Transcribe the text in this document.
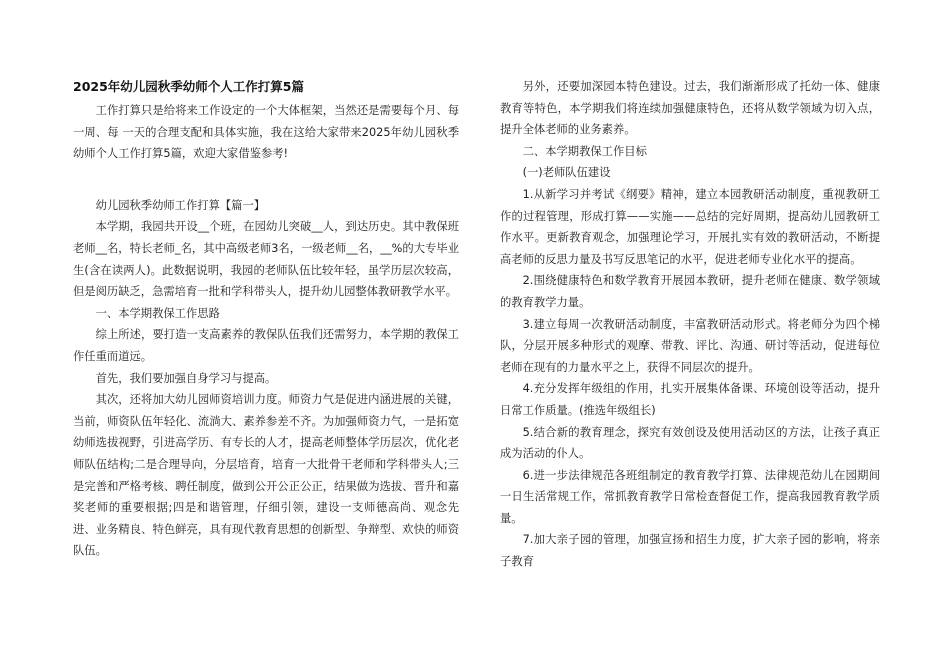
2025年幼儿园秋季幼师个人工作打算5篇

工作打算只是给将来工作设定的一个大体框架，当然还是需要每个月、每一周、每 一天的合理支配和具体实施，我在这给大家带来2025年幼儿园秋季幼师个人工作打算5篇，欢迎大家借鉴参考!

幼儿园秋季幼师工作打算【篇一】

本学期，我园共开设__个班，在园幼儿突破__人，到达历史。其中教保班老师__名，特长老师_名，其中高级老师3名，一级老师__名，__%的大专毕业生(含在读两人)。此数据说明，我园的老师队伍比较年轻，虽学历层次较高，但是阅历缺乏，急需培育一批和学科带头人，提升幼儿园整体教研教学水平。

一、本学期教保工作思路

综上所述，要打造一支高素养的教保队伍我们还需努力，本学期的教保工作任重而道远。

首先，我们要加强自身学习与提高。

其次，还将加大幼儿园师资培训力度。师资力气是促进内涵进展的关键，当前，师资队伍年轻化、流淌大、素养参差不齐。为加强师资力气，一是拓宽幼师选拔视野，引进高学历、有专长的人才，提高老师整体学历层次，优化老师队伍结构;二是合理导向，分层培育，培育一大批骨干老师和学科带头人;三是完善和严格考核、聘任制度，做到公开公正公正，结果做为选拔、晋升和嘉奖老师的重要根据;四是和谐管理，仔细引领，建设一支师德高尚、观念先进、业务精良、特色鲜亮，具有现代教育思想的创新型、争辩型、欢快的师资队伍。

另外，还要加深园本特色建设。过去，我们渐渐形成了托幼一体、健康教育等特色，本学期我们将连续加强健康特色，还将从数学领域为切入点，提升全体老师的业务素养。

二、本学期教保工作目标

(一)老师队伍建设

1.从新学习并考试《纲要》精神，建立本园教研活动制度，重视教研工作的过程管理，形成打算——实施——总结的完好周期，提高幼儿园教研工作水平。更新教育观念，加强理论学习，开展扎实有效的教研活动，不断提高老师的反思力量及书写反思笔记的水平，促进老师专业化水平的提高。

2.围绕健康特色和数学教育开展园本教研，提升老师在健康、数学领域的教育教学力量。

3.建立每周一次教研活动制度，丰富教研活动形式。将老师分为四个梯队，分层开展多种形式的观摩、带教、评比、沟通、研讨等活动，促进每位老师在现有的力量水平之上，获得不同层次的提升。

4.充分发挥年级组的作用，扎实开展集体备课、环境创设等活动，提升日常工作质量。(推选年级组长)

5.结合新的教育理念，探究有效创设及使用活动区的方法，让孩子真正成为活动的仆人。

6.进一步法律规范各班组制定的教育教学打算、法律规范幼儿在园期间一日生活常规工作，常抓教育教学日常检查督促工作，提高我园教育教学质量。

7.加大亲子园的管理，加强宣扬和招生力度，扩大亲子园的影响，将亲子教育
